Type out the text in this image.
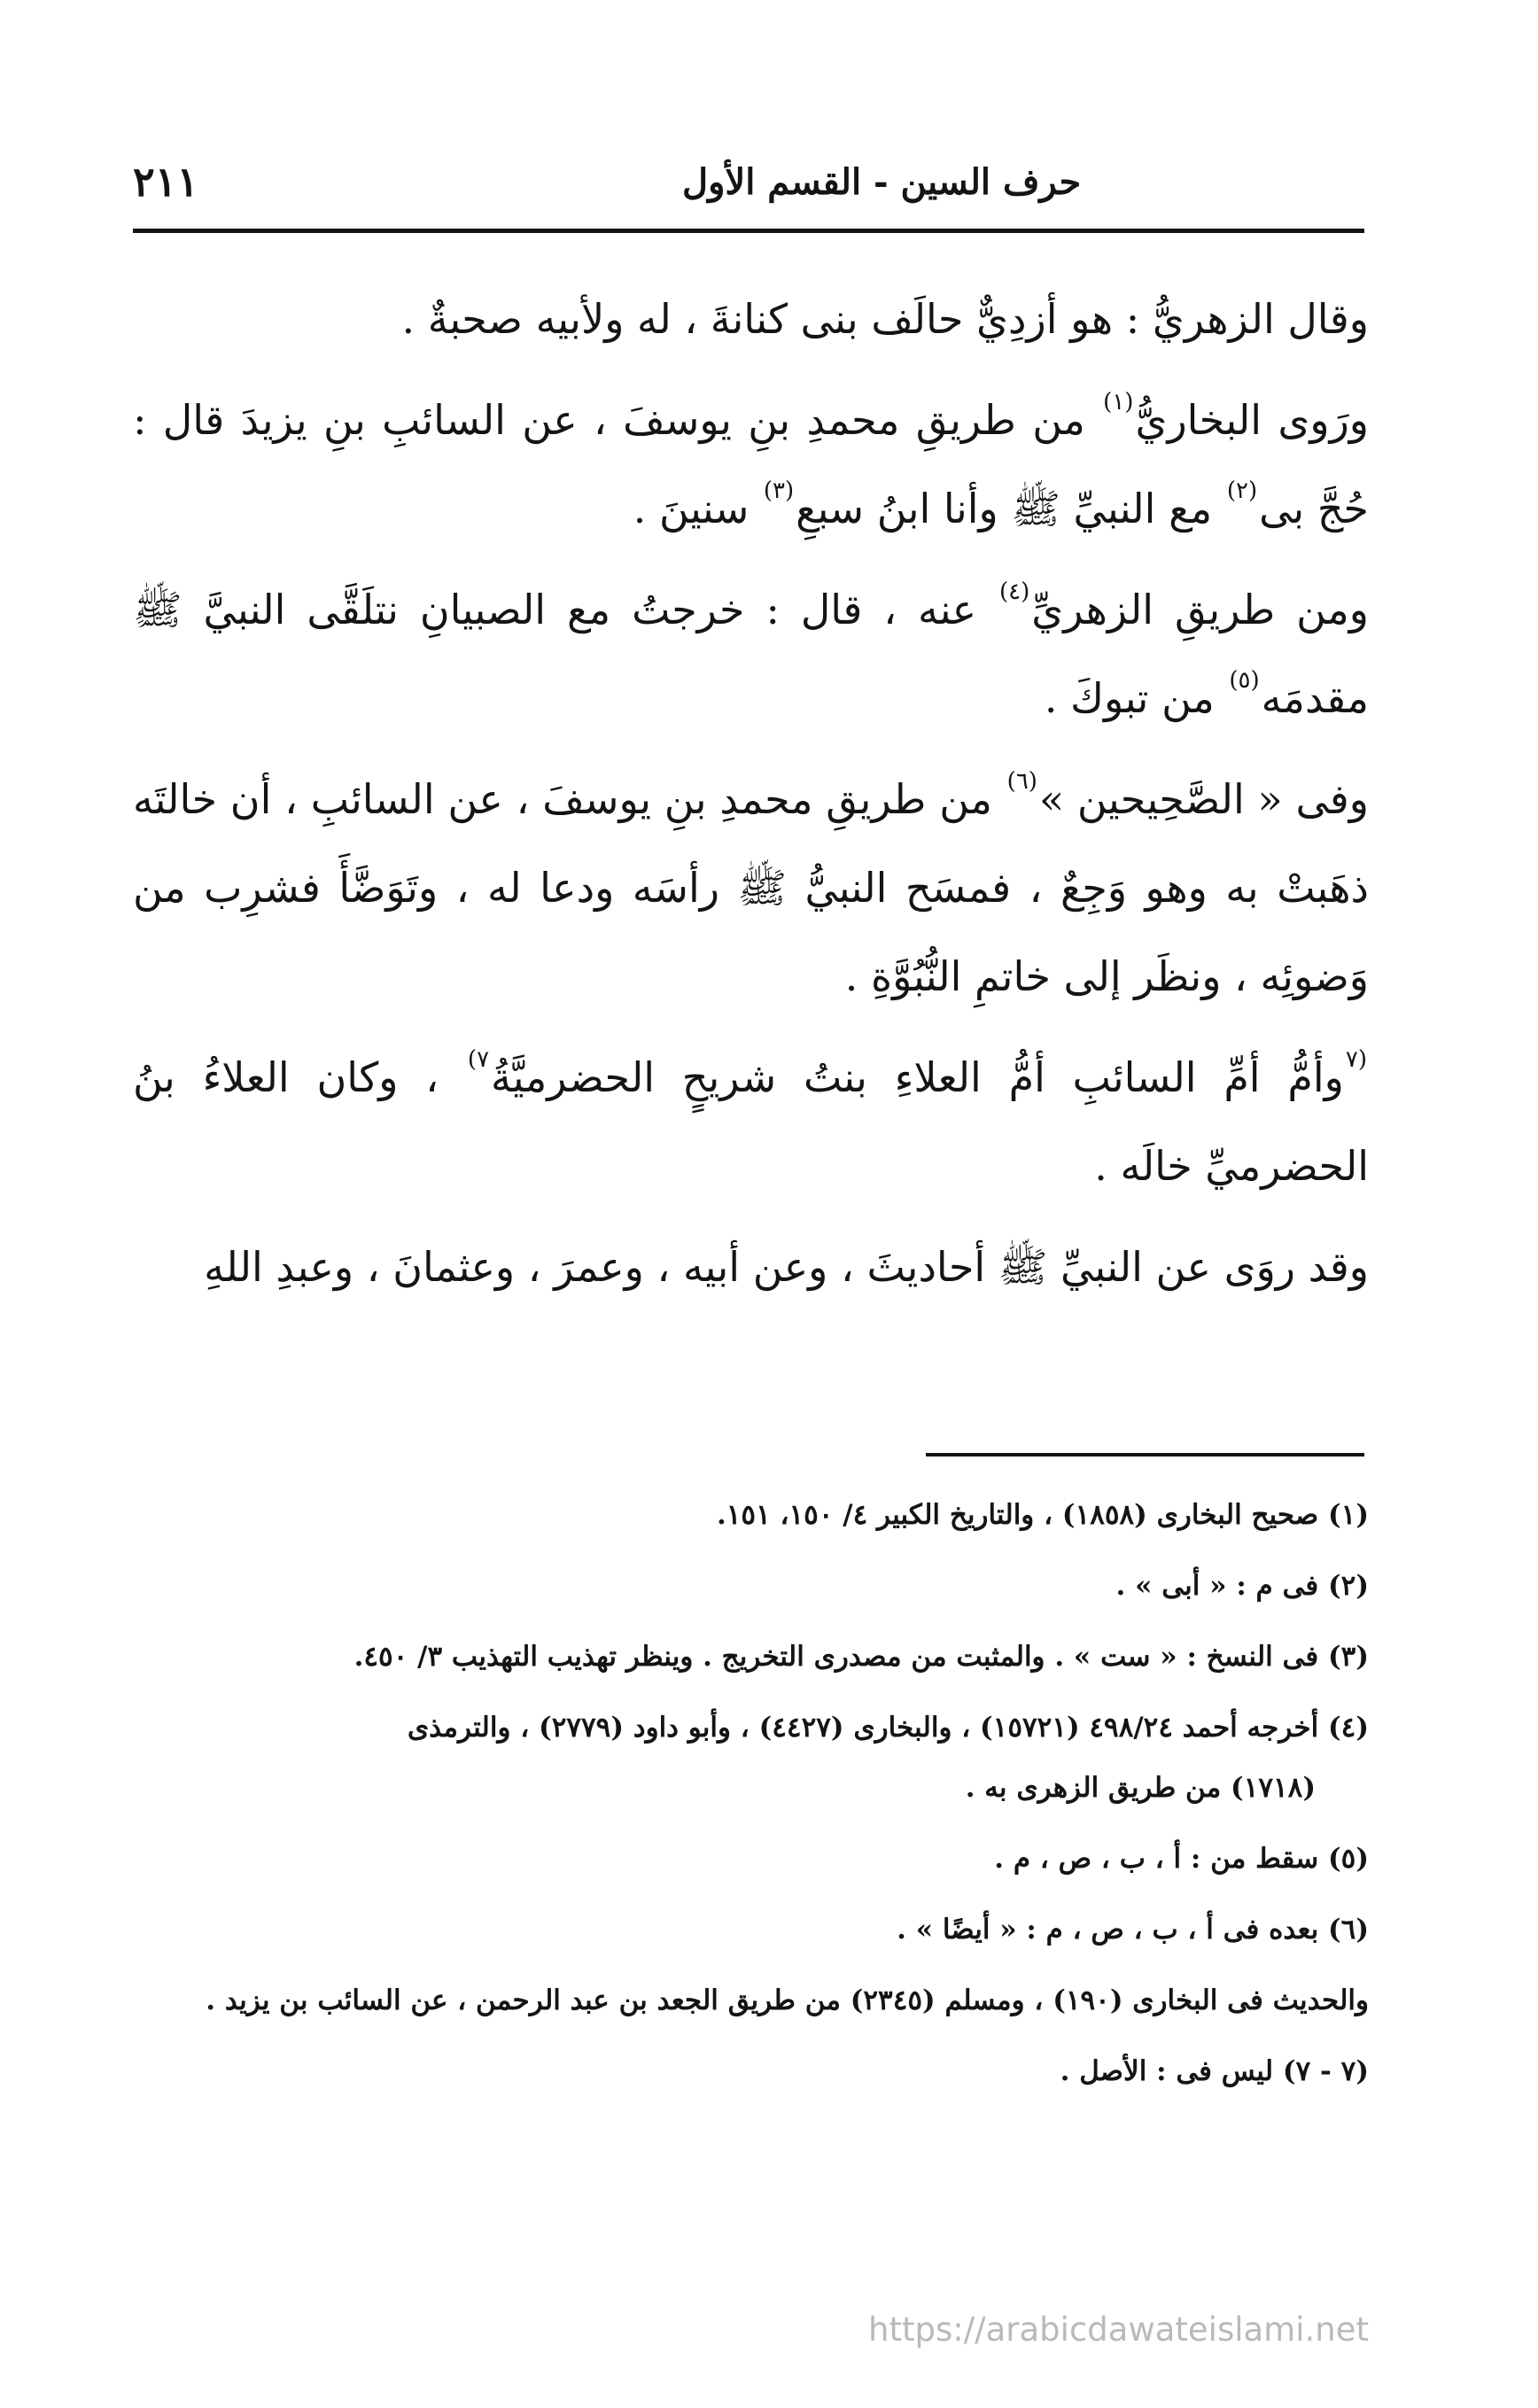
حرف السين - القسم الأول
٢١١

وقال الزهريُّ : هو أزدِيٌّ حالَف بنى كنانةَ ، له ولأبيه صحبةٌ .

ورَوى البخاريُّ$^{(١)}$ من طريقِ محمدِ بنِ يوسفَ ، عن السائبِ بنِ يزيدَ قال : حُجَّ بى$^{(٢)}$ مع النبيِّ ﷺ وأنا ابنُ سبعِ$^{(٣)}$ سنينَ .

ومن طريقِ الزهريِّ$^{(٤)}$ عنه ، قال : خرجتُ مع الصبيانِ نتلَقَّى النبيَّ ﷺ مقدمَه$^{(٥)}$ من تبوكَ .

وفى « الصَّحِيحين »$^{(٦)}$ من طريقِ محمدِ بنِ يوسفَ ، عن السائبِ ، أن خالتَه ذهَبتْ به وهو وَجِعٌ ، فمسَح النبيُّ ﷺ رأسَه ودعا له ، وتَوَضَّأَ فشرِب من وَضوئِه ، ونظَر إلى خاتمِ النُّبُوَّةِ .

$^{(٧}$وأمُّ أمِّ السائبِ أمُّ العلاءِ بنتُ شريحٍ الحضرميَّةُ$^{٧)}$ ، وكان العلاءُ بنُ الحضرميِّ خالَه .

وقد روَى عن النبيِّ ﷺ أحاديثَ ، وعن أبيه ، وعمرَ ، وعثمانَ ، وعبدِ اللهِ

(١) صحيح البخارى (١٨٥٨) ، والتاريخ الكبير ٤/ ١٥٠، ١٥١.
(٢) فى م : « أبى » .
(٣) فى النسخ : « ست » . والمثبت من مصدرى التخريج . وينظر تهذيب التهذيب ٣/ ٤٥٠.
(٤) أخرجه أحمد ٤٩٨/٢٤ (١٥٧٢١) ، والبخارى (٤٤٢٧) ، وأبو داود (٢٧٧٩) ، والترمذى
(١٧١٨) من طريق الزهرى به .
(٥) سقط من : أ ، ب ، ص ، م .
(٦) بعده فى أ ، ب ، ص ، م : « أيضًا » .
والحديث فى البخارى (١٩٠) ، ومسلم (٢٣٤٥) من طريق الجعد بن عبد الرحمن ، عن السائب بن يزيد .
(٧ - ٧) ليس فى : الأصل .
https://arabicdawateislami.net
